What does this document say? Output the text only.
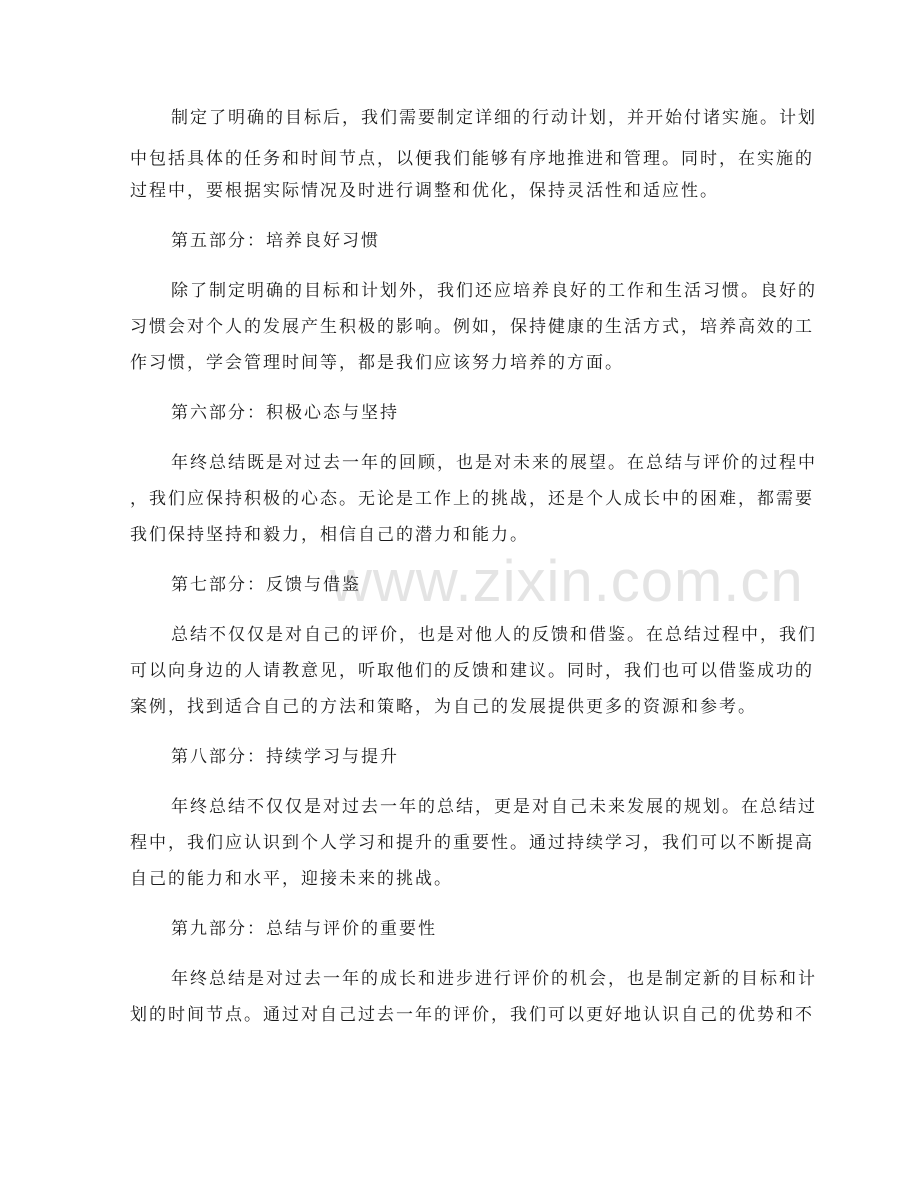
www.zixin.com.cn
制定了明确的目标后，我们需要制定详细的行动计划，并开始付诸实施。计划
中包括具体的任务和时间节点，以便我们能够有序地推进和管理。同时，在实施的
过程中，要根据实际情况及时进行调整和优化，保持灵活性和适应性。
第五部分：培养良好习惯
除了制定明确的目标和计划外，我们还应培养良好的工作和生活习惯。良好的
习惯会对个人的发展产生积极的影响。例如，保持健康的生活方式，培养高效的工
作习惯，学会管理时间等，都是我们应该努力培养的方面。
第六部分：积极心态与坚持
年终总结既是对过去一年的回顾，也是对未来的展望。在总结与评价的过程中
，我们应保持积极的心态。无论是工作上的挑战，还是个人成长中的困难，都需要
我们保持坚持和毅力，相信自己的潜力和能力。
第七部分：反馈与借鉴
总结不仅仅是对自己的评价，也是对他人的反馈和借鉴。在总结过程中，我们
可以向身边的人请教意见，听取他们的反馈和建议。同时，我们也可以借鉴成功的
案例，找到适合自己的方法和策略，为自己的发展提供更多的资源和参考。
第八部分：持续学习与提升
年终总结不仅仅是对过去一年的总结，更是对自己未来发展的规划。在总结过
程中，我们应认识到个人学习和提升的重要性。通过持续学习，我们可以不断提高
自己的能力和水平，迎接未来的挑战。
第九部分：总结与评价的重要性
年终总结是对过去一年的成长和进步进行评价的机会，也是制定新的目标和计
划的时间节点。通过对自己过去一年的评价，我们可以更好地认识自己的优势和不
